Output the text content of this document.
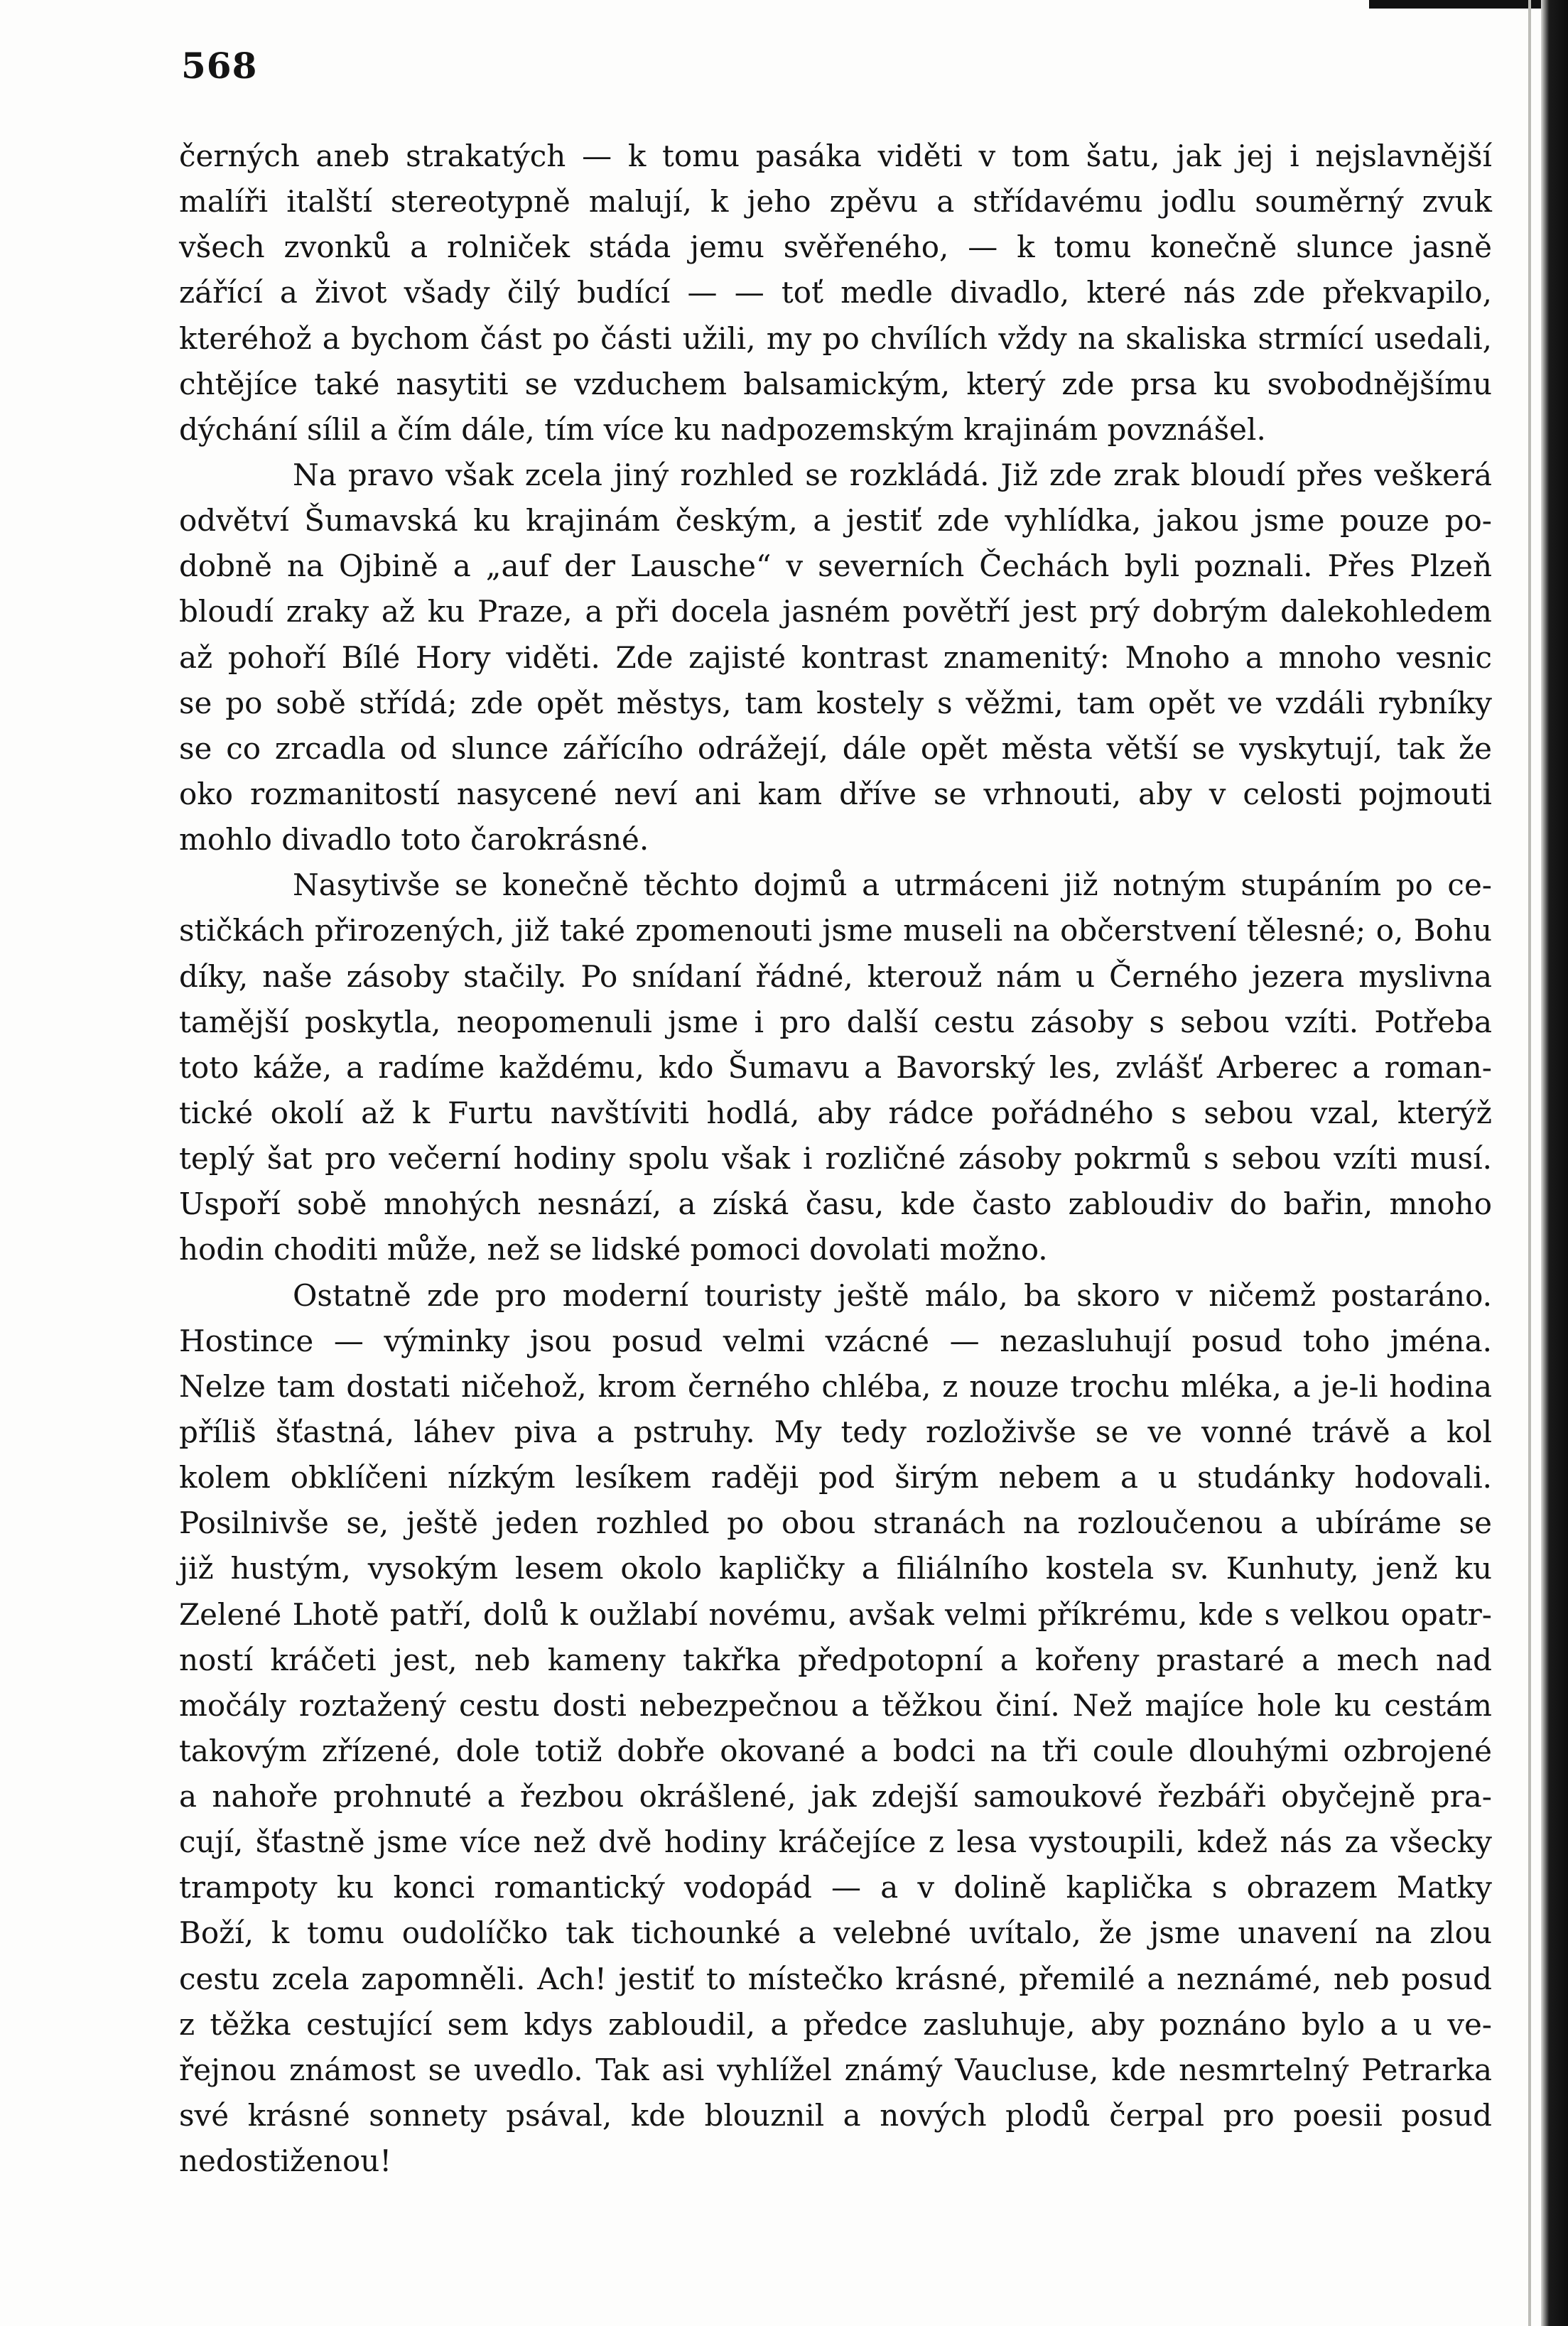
568
černých aneb strakatých — k tomu pasáka viděti v tom šatu, jak jej i nejslavnější
malíři italští stereotypně malují, k jeho zpěvu a střídavému jodlu souměrný zvuk
všech zvonků a rolniček stáda jemu svěřeného, — k tomu konečně slunce jasně
zářící a život všady čilý budící — — toť medle divadlo, které nás zde překvapilo,
kteréhož a bychom část po části užili, my po chvílích vždy na skaliska strmící usedali,
chtějíce také nasytiti se vzduchem balsamickým, který zde prsa ku svobodnějšímu
dýchání sílil a čím dále, tím více ku nadpozemským krajinám povznášel.
Na pravo však zcela jiný rozhled se rozkládá. Již zde zrak bloudí přes veškerá
odvětví Šumavská ku krajinám českým, a jestiť zde vyhlídka, jakou jsme pouze po-
dobně na Ojbině a „auf der Lausche“ v severních Čechách byli poznali. Přes Plzeň
bloudí zraky až ku Praze, a při docela jasném povětří jest prý dobrým dalekohledem
až pohoří Bílé Hory viděti. Zde zajisté kontrast znamenitý: Mnoho a mnoho vesnic
se po sobě střídá; zde opět městys, tam kostely s věžmi, tam opět ve vzdáli rybníky
se co zrcadla od slunce zářícího odrážejí, dále opět města větší se vyskytují, tak že
oko rozmanitostí nasycené neví ani kam dříve se vrhnouti, aby v celosti pojmouti
mohlo divadlo toto čarokrásné.
Nasytivše se konečně těchto dojmů a utrmáceni již notným stupáním po ce-
stičkách přirozených, již také zpomenouti jsme museli na občerstvení tělesné; o, Bohu
díky, naše zásoby stačily. Po snídaní řádné, kterouž nám u Černého jezera myslivna
tamější poskytla, neopomenuli jsme i pro další cestu zásoby s sebou vzíti. Potřeba
toto káže, a radíme každému, kdo Šumavu a Bavorský les, zvlášť Arberec a roman-
tické okolí až k Furtu navštíviti hodlá, aby rádce pořádného s sebou vzal, kterýž
teplý šat pro večerní hodiny spolu však i rozličné zásoby pokrmů s sebou vzíti musí.
Uspoří sobě mnohých nesnází, a získá času, kde často zabloudiv do bařin, mnoho
hodin choditi může, než se lidské pomoci dovolati možno.
Ostatně zde pro moderní touristy ještě málo, ba skoro v ničemž postaráno.
Hostince — výminky jsou posud velmi vzácné — nezasluhují posud toho jména.
Nelze tam dostati ničehož, krom černého chléba, z nouze trochu mléka, a je-li hodina
příliš šťastná, láhev piva a pstruhy. My tedy rozloživše se ve vonné trávě a kol
kolem obklíčeni nízkým lesíkem raději pod širým nebem a u studánky hodovali.
Posilnivše se, ještě jeden rozhled po obou stranách na rozloučenou a ubíráme se
již hustým, vysokým lesem okolo kapličky a filiálního kostela sv. Kunhuty, jenž ku
Zelené Lhotě patří, dolů k oužlabí novému, avšak velmi příkrému, kde s velkou opatr-
ností kráčeti jest, neb kameny takřka předpotopní a kořeny prastaré a mech nad
močály roztažený cestu dosti nebezpečnou a těžkou činí. Než majíce hole ku cestám
takovým zřízené, dole totiž dobře okované a bodci na tři coule dlouhými ozbrojené
a nahoře prohnuté a řezbou okrášlené, jak zdejší samoukové řezbáři obyčejně pra-
cují, šťastně jsme více než dvě hodiny kráčejíce z lesa vystoupili, kdež nás za všecky
trampoty ku konci romantický vodopád — a v dolině kaplička s obrazem Matky
Boží, k tomu oudolíčko tak tichounké a velebné uvítalo, že jsme unavení na zlou
cestu zcela zapomněli. Ach! jestiť to místečko krásné, přemilé a neznámé, neb posud
z těžka cestující sem kdys zabloudil, a předce zasluhuje, aby poznáno bylo a u ve-
řejnou známost se uvedlo. Tak asi vyhlížel známý Vaucluse, kde nesmrtelný Petrarka
své krásné sonnety psával, kde blouznil a nových plodů čerpal pro poesii posud
nedostiženou!
